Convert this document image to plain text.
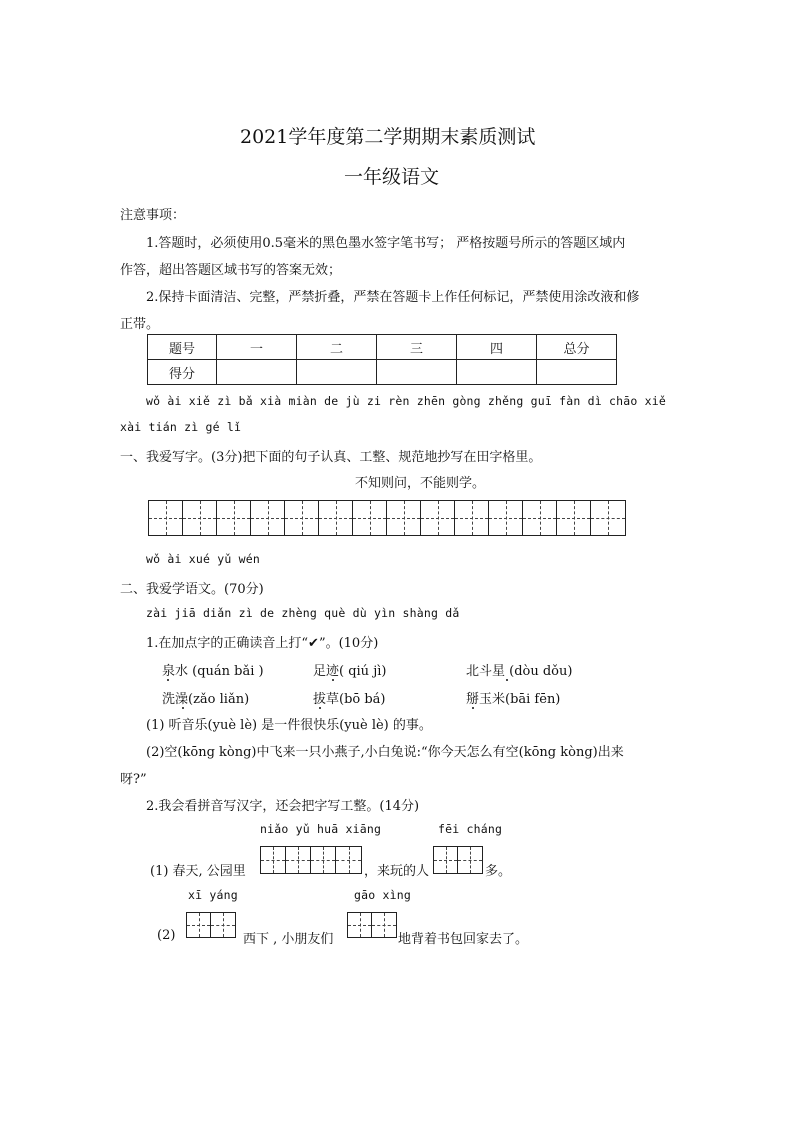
2021学年度第二学期期末素质测试
一年级语文
注意事项：
1.答题时，必须使用0.5毫米的黑色墨水签字笔书写； 严格按题号所示的答题区域内
作答，超出答题区域书写的答案无效；
2.保持卡面清洁、完整，严禁折叠，严禁在答题卡上作任何标记，严禁使用涂改液和修
正带。
题号	一	二	三	四	总分
得分					
wǒ ài xiě zì bǎ xià miàn de jù zi rèn zhēn gòng zhěng guī fàn dì chāo xiě
xài tián zì gé lǐ
一、我爱写字。(3分)把下面的句子认真、工整、规范地抄写在田字格里。
不知则问，不能则学。
wǒ ài xué yǔ wén
二、我爱学语文。(70分)
zài jiā diǎn zì de zhèng què dù yìn shàng dǎ
1.在加点字的正确读音上打“✔”。(10分)
泉水 (quán bǎi )	足迹( qiú jì)	北斗星 (dòu dǒu)
洗澡(zǎo liǎn)	拔草(bō bá)	掰玉米(bāi fēn)
(1) 听音乐(yuè lè) 是一件很快乐(yuè lè) 的事。
(2)空(kōng kòng)中飞来一只小燕子,小白兔说:“你今天怎么有空(kōng kòng)出来
呀?”
2.我会看拼音写汉字，还会把字写工整。(14分)
niǎo yǔ huā xiāng	fēi cháng
(1) 春天, 公园里	，来玩的人	多。
xī yáng	gāo xìng
(2)	西下 , 小朋友们	地背着书包回家去了。
